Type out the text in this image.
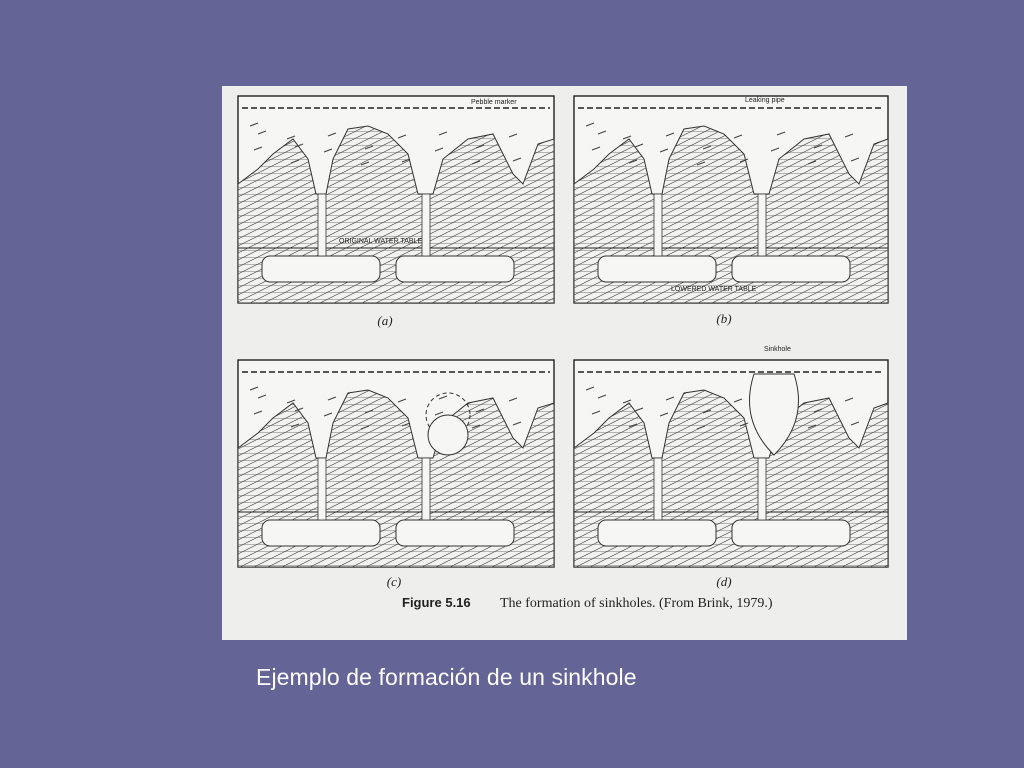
(a)	(b)
(c)	(d)
Pebble marker
ORIGINAL WATER TABLE
Leaking pipe
LOWERED WATER TABLE
Sinkhole
Figure 5.16 The formation of sinkholes. (From Brink, 1979.)
Ejemplo de formación de un sinkhole
